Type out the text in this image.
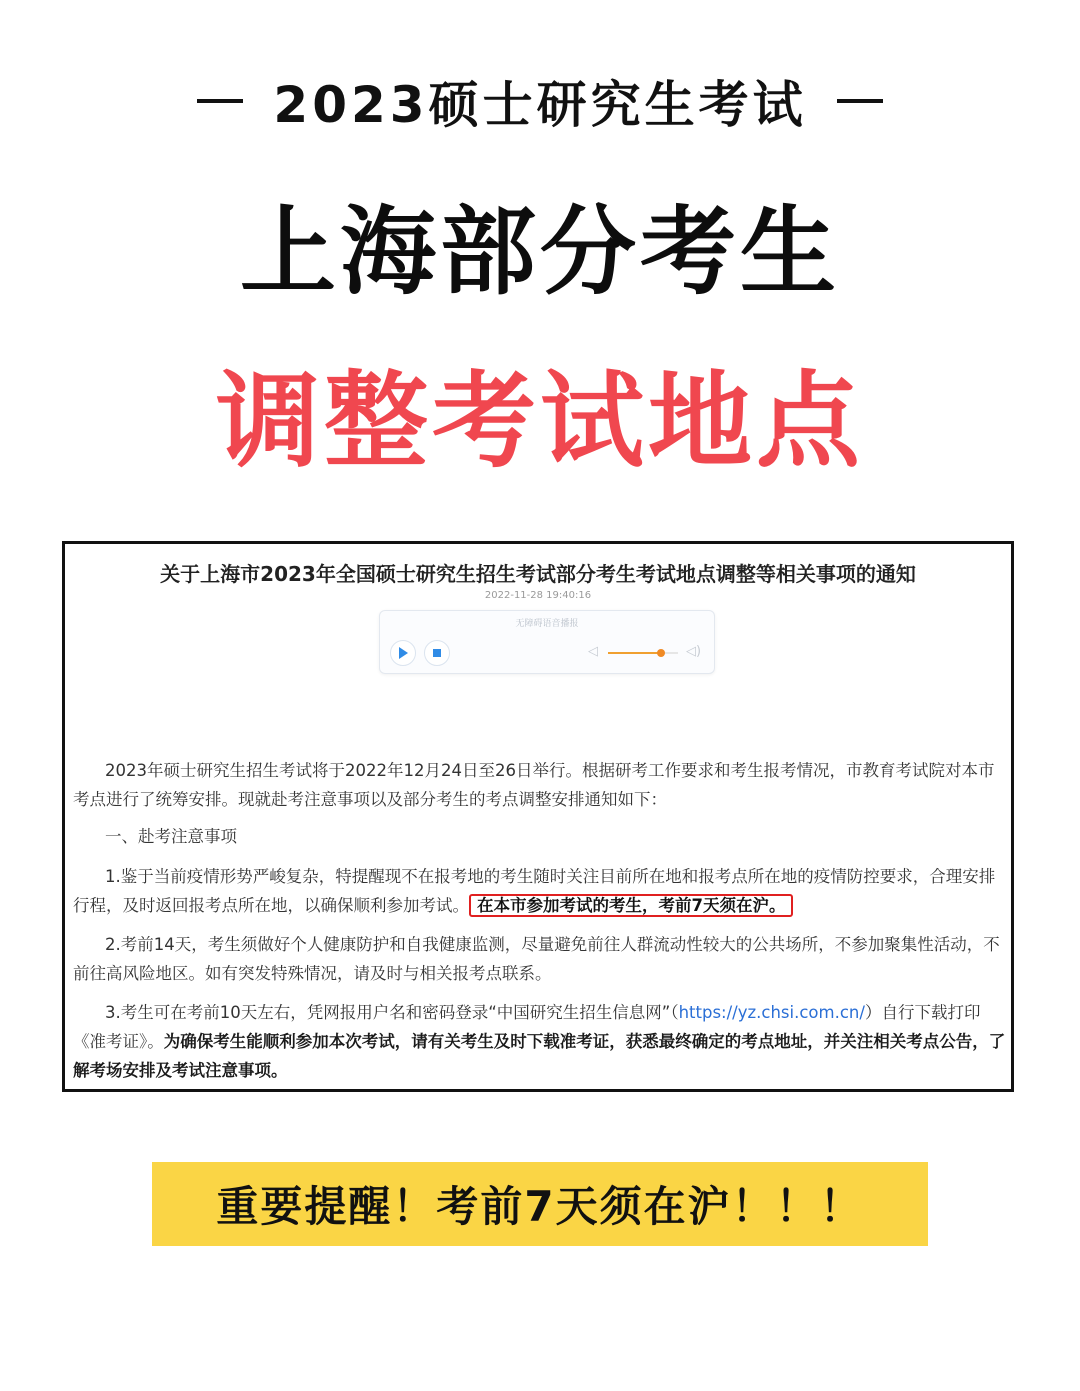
2023硕士研究生考试
上海部分考生
调整考试地点
关于上海市2023年全国硕士研究生招生考试部分考生考试地点调整等相关事项的通知
2022-11-28 19:40:16
无障碍语音播报
◁	◁)
2023年硕士研究生招生考试将于2022年12月24日至26日举行。根据研考工作要求和考生报考情况，市教育考试院对本市考点进行了统筹安排。现就赴考注意事项以及部分考生的考点调整安排通知如下：
一、赴考注意事项
1.鉴于当前疫情形势严峻复杂，特提醒现不在报考地的考生随时关注目前所在地和报考点所在地的疫情防控要求，合理安排行程，及时返回报考点所在地，以确保顺利参加考试。 在本市参加考试的考生，考前7天须在沪。
2.考前14天，考生须做好个人健康防护和自我健康监测，尽量避免前往人群流动性较大的公共场所，不参加聚集性活动，不前往高风险地区。如有突发特殊情况，请及时与相关报考点联系。
3.考生可在考前10天左右，凭网报用户名和密码登录“中国研究生招生信息网”（https://yz.chsi.com.cn/）自行下载打印《准考证》。为确保考生能顺利参加本次考试，请有关考生及时下载准考证，获悉最终确定的考点地址，并关注相关考点公告，了解考场安排及考试注意事项。
重要提醒！考前7天须在沪！！！
